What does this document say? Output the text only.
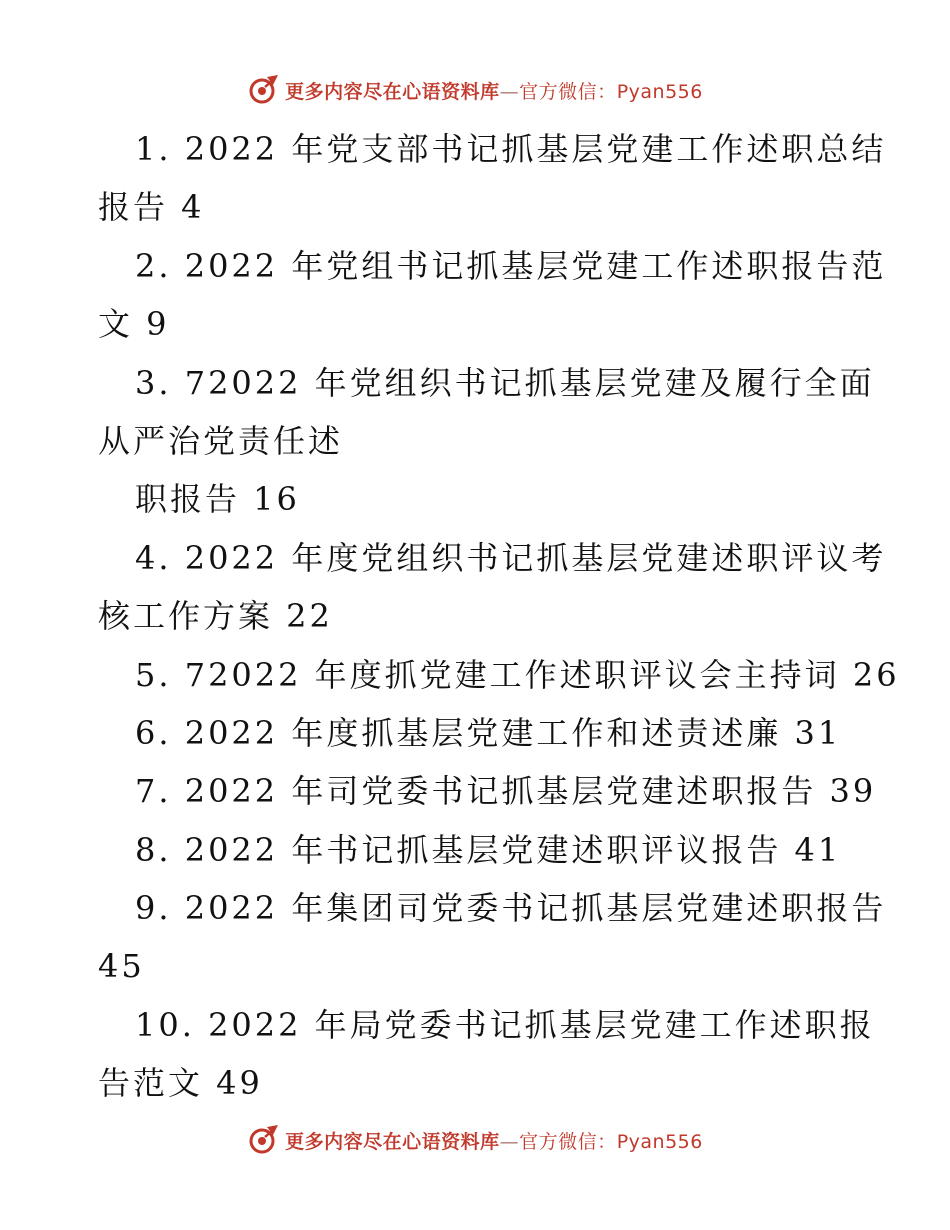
更多内容尽在心语资料库—官方微信：Pyan556
1. 2022 年党支部书记抓基层党建工作述职总结
报告 4
2. 2022 年党组书记抓基层党建工作述职报告范
文 9
3. 72022 年党组织书记抓基层党建及履行全面
从严治党责任述
职报告 16
4. 2022 年度党组织书记抓基层党建述职评议考
核工作方案 22
5. 72022 年度抓党建工作述职评议会主持词 26
6. 2022 年度抓基层党建工作和述责述廉 31
7. 2022 年司党委书记抓基层党建述职报告 39
8. 2022 年书记抓基层党建述职评议报告 41
9. 2022 年集团司党委书记抓基层党建述职报告
45
10. 2022 年局党委书记抓基层党建工作述职报
告范文 49
更多内容尽在心语资料库—官方微信：Pyan556
